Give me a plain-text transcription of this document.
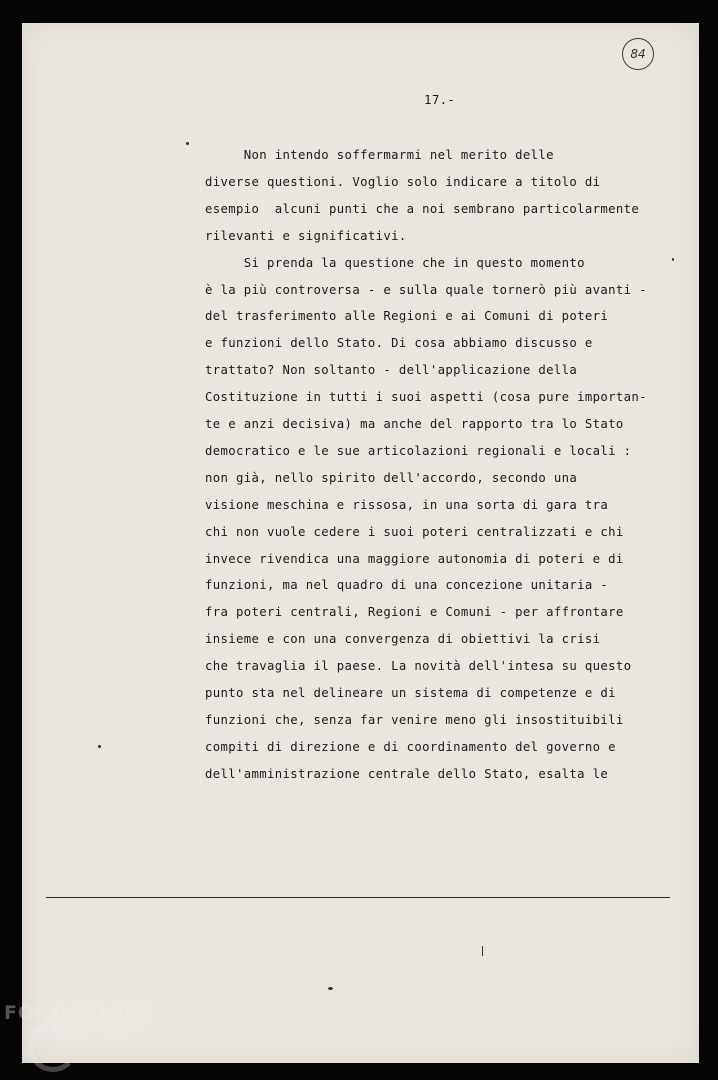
84
17.-
Non intendo soffermarmi nel merito delle
diverse questioni. Voglio solo indicare a titolo di
esempio  alcuni punti che a noi sembrano particolarmente
rilevanti e significativi.
Si prenda la questione che in questo momento
è la più controversa - e sulla quale tornerò più avanti -
del trasferimento alle Regioni e ai Comuni di poteri
e funzioni dello Stato. Di cosa abbiamo discusso e
trattato? Non soltanto - dell'applicazione della
Costituzione in tutti i suoi aspetti (cosa pure importan-
te e anzi decisiva) ma anche del rapporto tra lo Stato
democratico e le sue articolazioni regionali e locali :
non già, nello spirito dell'accordo, secondo una
visione meschina e rissosa, in una sorta di gara tra
chi non vuole cedere i suoi poteri centralizzati e chi
invece rivendica una maggiore autonomia di poteri e di
funzioni, ma nel quadro di una concezione unitaria -
fra poteri centrali, Regioni e Comuni - per affrontare
insieme e con una convergenza di obiettivi la crisi
che travaglia il paese. La novità dell'intesa su questo
punto sta nel delineare un sistema di competenze e di
funzioni che, senza far venire meno gli insostituibili
compiti di direzione e di coordinamento del governo e
dell'amministrazione centrale dello Stato, esalta le
FONDAZIONE
GRAMSCI
onlus
